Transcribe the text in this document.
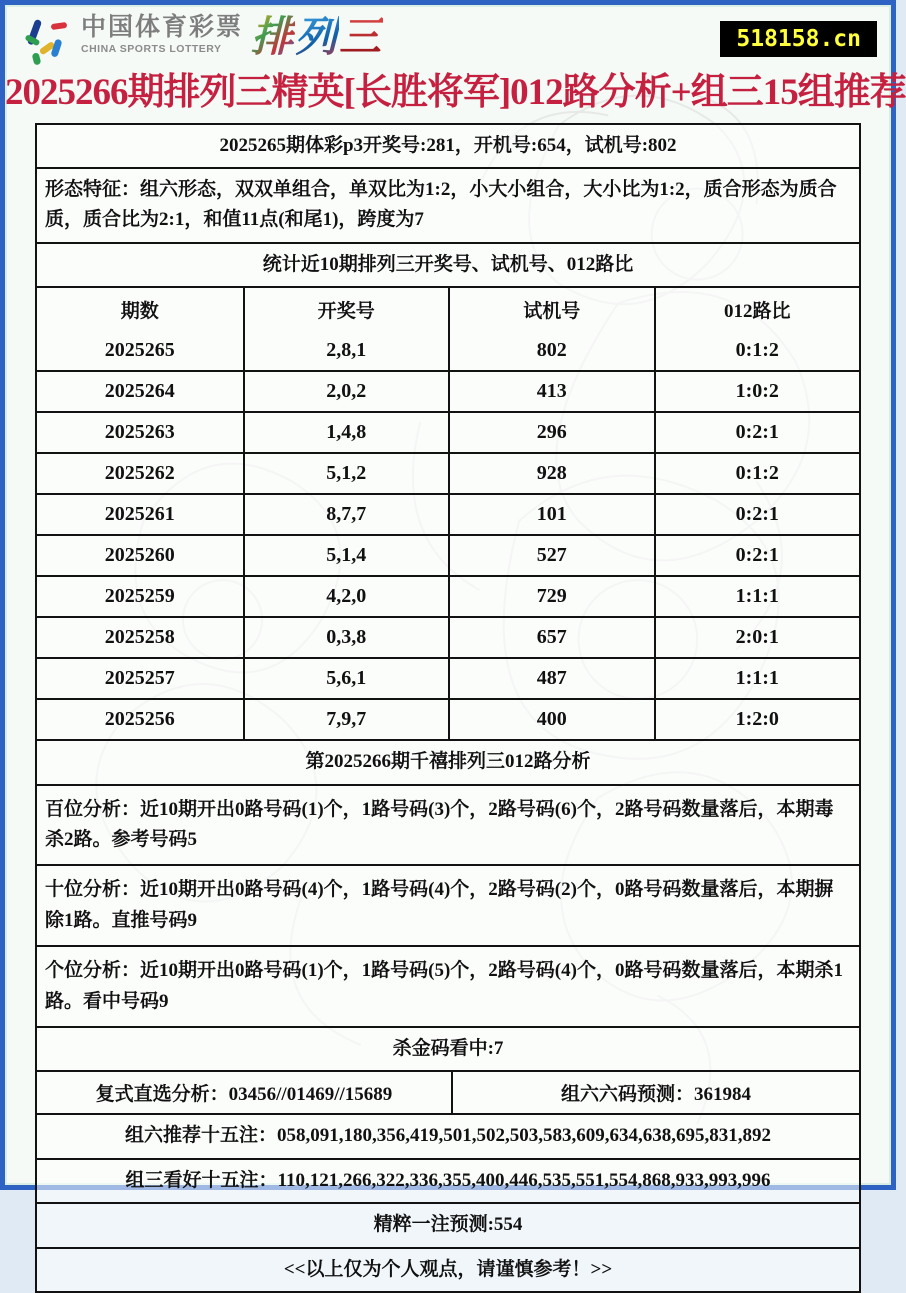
中国体育彩票
CHINA SPORTS LOTTERY 排列三	518158.cn
2025266期排列三精英[长胜将军]012路分析+组三15组推荐
2025265期体彩p3开奖号:281，开机号:654，试机号:802
形态特征：组六形态，双双单组合，单双比为1:2，小大小组合，大小比为1:2，质合形态为质合质，质合比为2:1，和值11点(和尾1)，跨度为7
统计近10期排列三开奖号、试机号、012路比
期数	开奖号	试机号	012路比
2025265	2,8,1	802	0:1:2
2025264	2,0,2	413	1:0:2
2025263	1,4,8	296	0:2:1
2025262	5,1,2	928	0:1:2
2025261	8,7,7	101	0:2:1
2025260	5,1,4	527	0:2:1
2025259	4,2,0	729	1:1:1
2025258	0,3,8	657	2:0:1
2025257	5,6,1	487	1:1:1
2025256	7,9,7	400	1:2:0
第2025266期千禧排列三012路分析
百位分析：近10期开出0路号码(1)个，1路号码(3)个，2路号码(6)个，2路号码数量落后，本期毒杀2路。参考号码5
十位分析：近10期开出0路号码(4)个，1路号码(4)个，2路号码(2)个，0路号码数量落后，本期摒除1路。直推号码9
个位分析：近10期开出0路号码(1)个，1路号码(5)个，2路号码(4)个，0路号码数量落后，本期杀1路。看中号码9
杀金码看中:7
复式直选分析：03456//01469//15689	组六六码预测：361984
组六推荐十五注：058,091,180,356,419,501,502,503,583,609,634,638,695,831,892
组三看好十五注：110,121,266,322,336,355,400,446,535,551,554,868,933,993,996
精粹一注预测:554
<<以上仅为个人观点，请谨慎参考！>>
